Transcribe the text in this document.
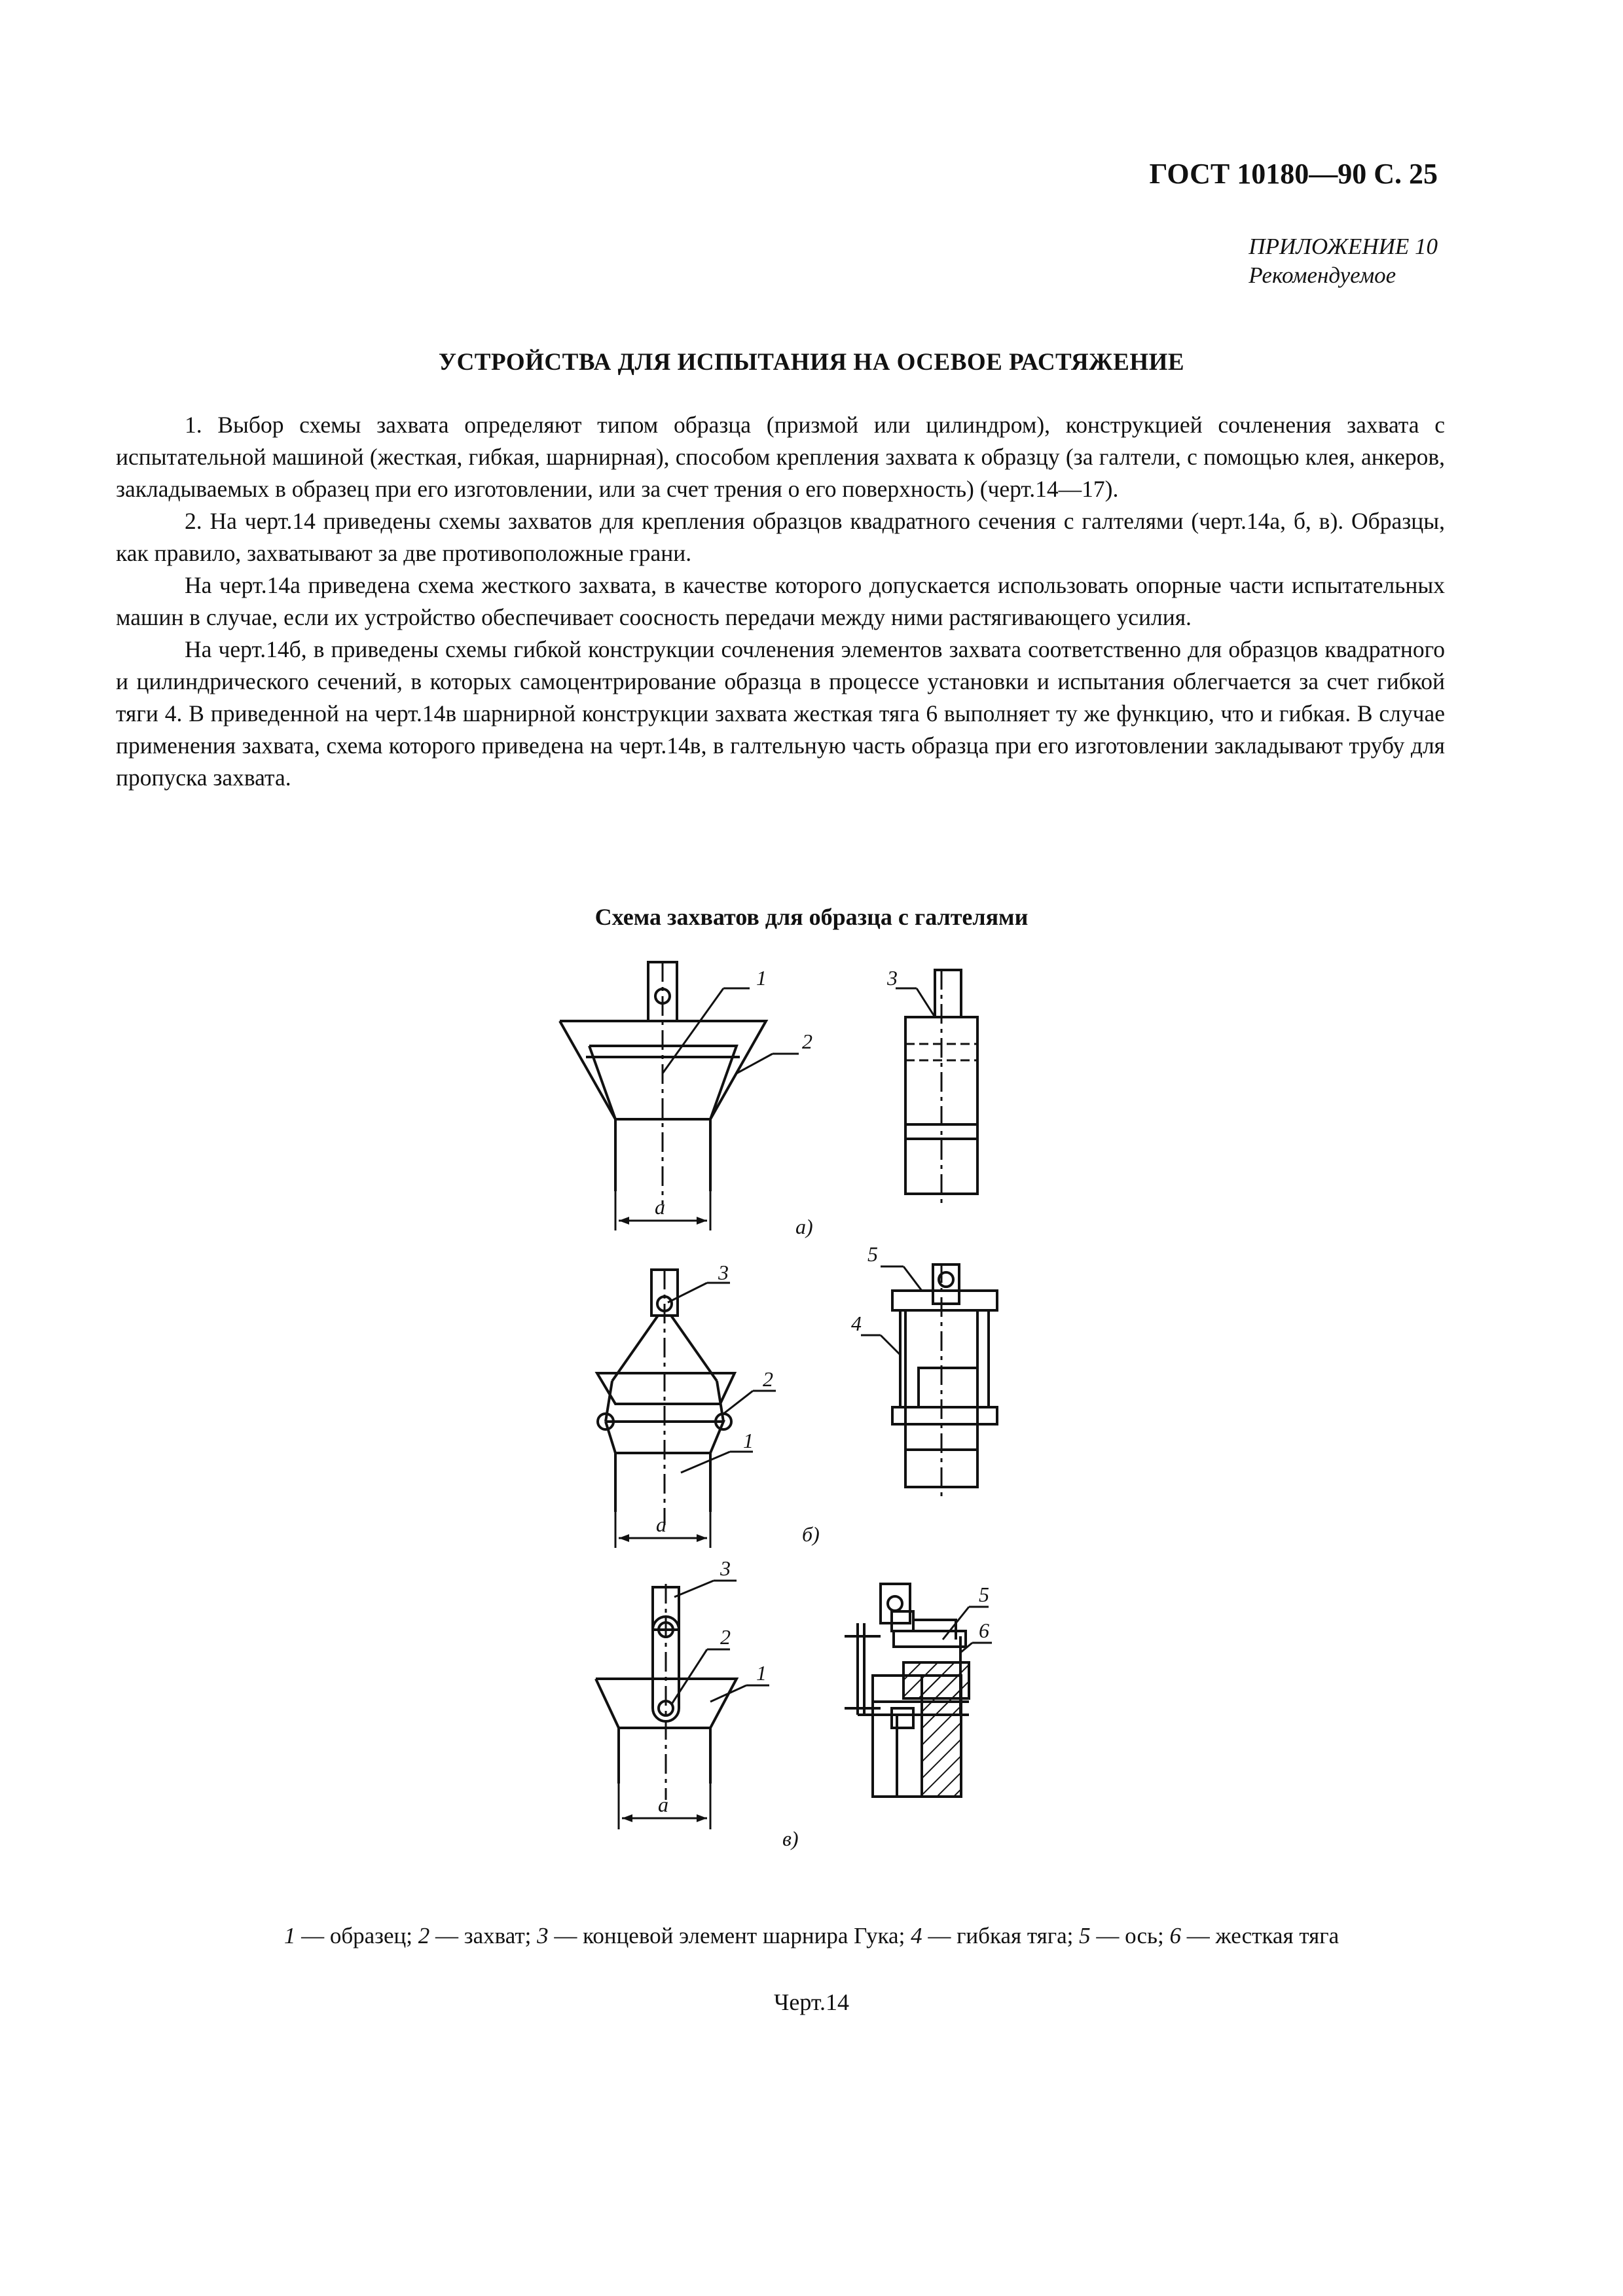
ГОСТ 10180—90 С. 25
ПРИЛОЖЕНИЕ 10
Рекомендуемое
УСТРОЙСТВА ДЛЯ ИСПЫТАНИЯ НА ОСЕВОЕ РАСТЯЖЕНИЕ

1. Выбор схемы захвата определяют типом образца (призмой или цилиндром), конструкцией сочленения захвата с испытательной машиной (жесткая, гибкая, шарнирная), способом крепления захвата к образцу (за галтели, с помощью клея, анкеров, закладываемых в образец при его изготовлении, или за счет трения о его поверхность) (черт.14—17).

2. На черт.14 приведены схемы захватов для крепления образцов квадратного сечения с галтелями (черт.14а, б, в). Образцы, как правило, захватывают за две противоположные грани.

На черт.14а приведена схема жесткого захвата, в качестве которого допускается использовать опорные части испытательных машин в случае, если их устройство обеспечивает соосность передачи между ними растягивающего усилия.

На черт.14б, в приведены схемы гибкой конструкции сочленения элементов захвата соответственно для образцов квадратного и цилиндрического сечений, в которых самоцентрирование образца в процессе установки и испытания облегчается за счет гибкой тяги 4. В приведенной на черт.14в шарнирной конструкции захвата жесткая тяга 6 выполняет ту же функцию, что и гибкая. В случае применения захвата, схема которого приведена на черт.14в, в галтельную часть образца при его изготовлении закладывают трубу для пропуска захвата.

Схема захватов для образца с галтелями
1
2
3
3
5
4
2
1
3
2
1
5
6
a
a
a
а)
б)
в)
1 — образец; 2 — захват; 3 — концевой элемент шарнира Гука; 4 — гибкая тяга; 5 — ось; 6 — жесткая тяга
Черт.14
